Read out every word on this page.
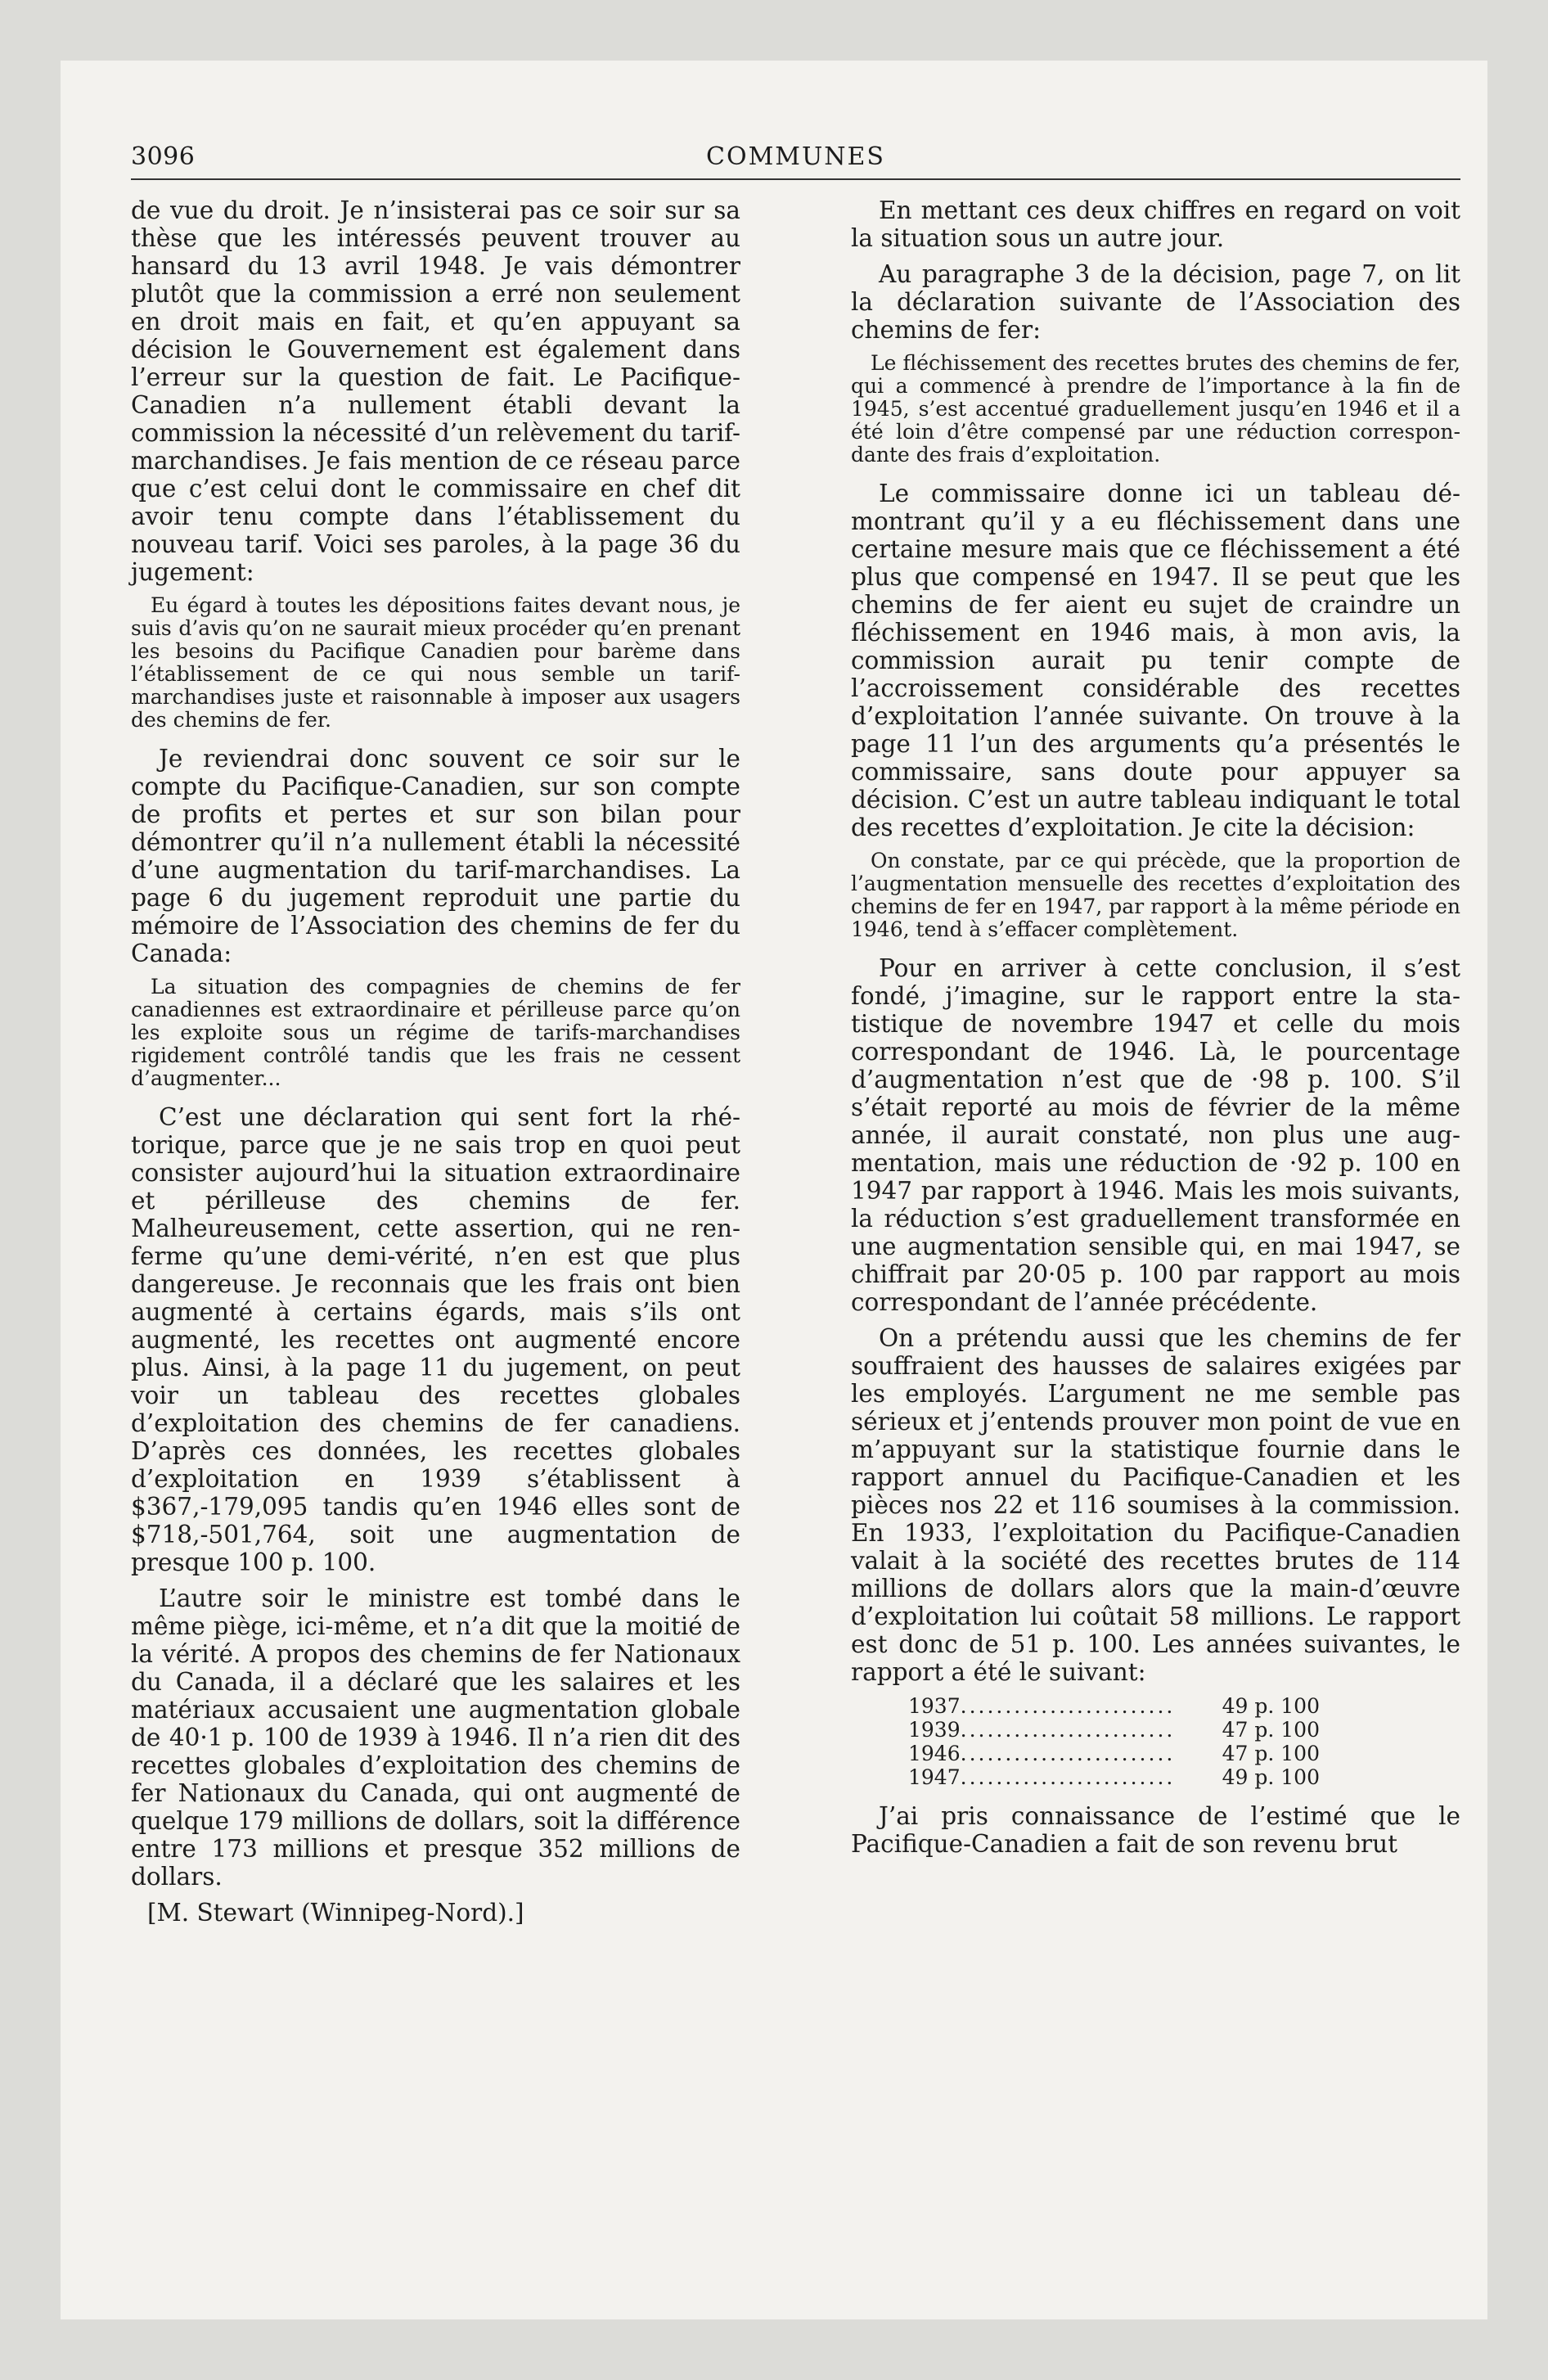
3096	COMMUNES

de vue du droit. Je n’insisterai pas ce soir sur sa thèse que les intéressés peuvent trouver au hansard du 13 avril 1948. Je vais démontrer plutôt que la commission a erré non seulement en droit mais en fait, et qu’en appuyant sa décision le Gouvernement est également dans l’erreur sur la question de fait. Le Pacifique-Canadien n’a nullement établi devant la commission la nécessité d’un relèvement du tarif-marchandises. Je fais mention de ce réseau parce que c’est celui dont le commissaire en chef dit avoir tenu compte dans l’établissement du nouveau tarif. Voici ses paroles, à la page 36 du jugement:

Eu égard à toutes les dépositions faites devant nous, je suis d’avis qu’on ne saurait mieux procéder qu’en prenant les besoins du Pacifique Canadien pour barème dans l’établissement de ce qui nous semble un tarif-marchandises juste et raisonnable à imposer aux usagers des chemins de fer.

Je reviendrai donc souvent ce soir sur le compte du Pacifique-Canadien, sur son compte de profits et pertes et sur son bilan pour démontrer qu’il n’a nullement établi la nécessité d’une augmentation du tarif-marchandises. La page 6 du jugement reproduit une partie du mémoire de l’Association des chemins de fer du Canada:

La situation des compagnies de chemins de fer canadiennes est extraordinaire et périlleuse parce qu’on les exploite sous un régime de tarifs-marchandises rigidement contrôlé tandis que les frais ne cessent d’augmenter...

C’est une déclaration qui sent fort la rhétorique, parce que je ne sais trop en quoi peut consister aujourd’hui la situation extraordinaire et périlleuse des chemins de fer. Malheureusement, cette assertion, qui ne renferme qu’une demi-vérité, n’en est que plus dangereuse. Je reconnais que les frais ont bien augmenté à certains égards, mais s’ils ont augmenté, les recettes ont augmenté encore plus. Ainsi, à la page 11 du jugement, on peut voir un tableau des recettes globales d’exploitation des chemins de fer canadiens. D’après ces données, les recettes globales d’exploitation en 1939 s’établissent à $367,-179,095 tandis qu’en 1946 elles sont de $718,-501,764, soit une augmentation de presque 100 p. 100.

L’autre soir le ministre est tombé dans le même piège, ici-même, et n’a dit que la moitié de la vérité. A propos des chemins de fer Nationaux du Canada, il a déclaré que les salaires et les matériaux accusaient une augmentation globale de 40·1 p. 100 de 1939 à 1946. Il n’a rien dit des recettes globales d’exploitation des chemins de fer Nationaux du Canada, qui ont augmenté de quelque 179 millions de dollars, soit la différence entre 173 millions et presque 352 millions de dollars.

[M. Stewart (Winnipeg-Nord).]

En mettant ces deux chiffres en regard on voit la situation sous un autre jour.

Au paragraphe 3 de la décision, page 7, on lit la déclaration suivante de l’Association des chemins de fer:

Le fléchissement des recettes brutes des chemins de fer, qui a commencé à prendre de l’importance à la fin de 1945, s’est accentué graduellement jusqu’en 1946 et il a été loin d’être compensé par une réduction correspondante des frais d’exploitation.

Le commissaire donne ici un tableau démontrant qu’il y a eu fléchissement dans une certaine mesure mais que ce fléchissement a été plus que compensé en 1947. Il se peut que les chemins de fer aient eu sujet de craindre un fléchissement en 1946 mais, à mon avis, la commission aurait pu tenir compte de l’accroissement considérable des recettes d’exploitation l’année suivante. On trouve à la page 11 l’un des arguments qu’a présentés le commissaire, sans doute pour appuyer sa décision. C’est un autre tableau indiquant le total des recettes d’exploitation. Je cite la décision:

On constate, par ce qui précède, que la proportion de l’augmentation mensuelle des recettes d’exploitation des chemins de fer en 1947, par rapport à la même période en 1946, tend à s’effacer complètement.

Pour en arriver à cette conclusion, il s’est fondé, j’imagine, sur le rapport entre la statistique de novembre 1947 et celle du mois correspondant de 1946. Là, le pourcentage d’augmentation n’est que de ·98 p. 100. S’il s’était reporté au mois de février de la même année, il aurait constaté, non plus une augmentation, mais une réduction de ·92 p. 100 en 1947 par rapport à 1946. Mais les mois suivants, la réduction s’est graduellement transformée en une augmentation sensible qui, en mai 1947, se chiffrait par 20·05 p. 100 par rapport au mois correspondant de l’année précédente.

On a prétendu aussi que les chemins de fer souffraient des hausses de salaires exigées par les employés. L’argument ne me semble pas sérieux et j’entends prouver mon point de vue en m’appuyant sur la statistique fournie dans le rapport annuel du Pacifique-Canadien et les pièces nos 22 et 116 soumises à la commission. En 1933, l’exploitation du Pacifique-Canadien valait à la société des recettes brutes de 114 millions de dollars alors que la main-d’œuvre d’exploitation lui coûtait 58 millions. Le rapport est donc de 51 p. 100. Les années suivantes, le rapport a été le suivant:

1937	........................	49 p. 100
1939	........................	47 p. 100
1946	........................	47 p. 100
1947	........................	49 p. 100

J’ai pris connaissance de l’estimé que le Pacifique-Canadien a fait de son revenu brut
